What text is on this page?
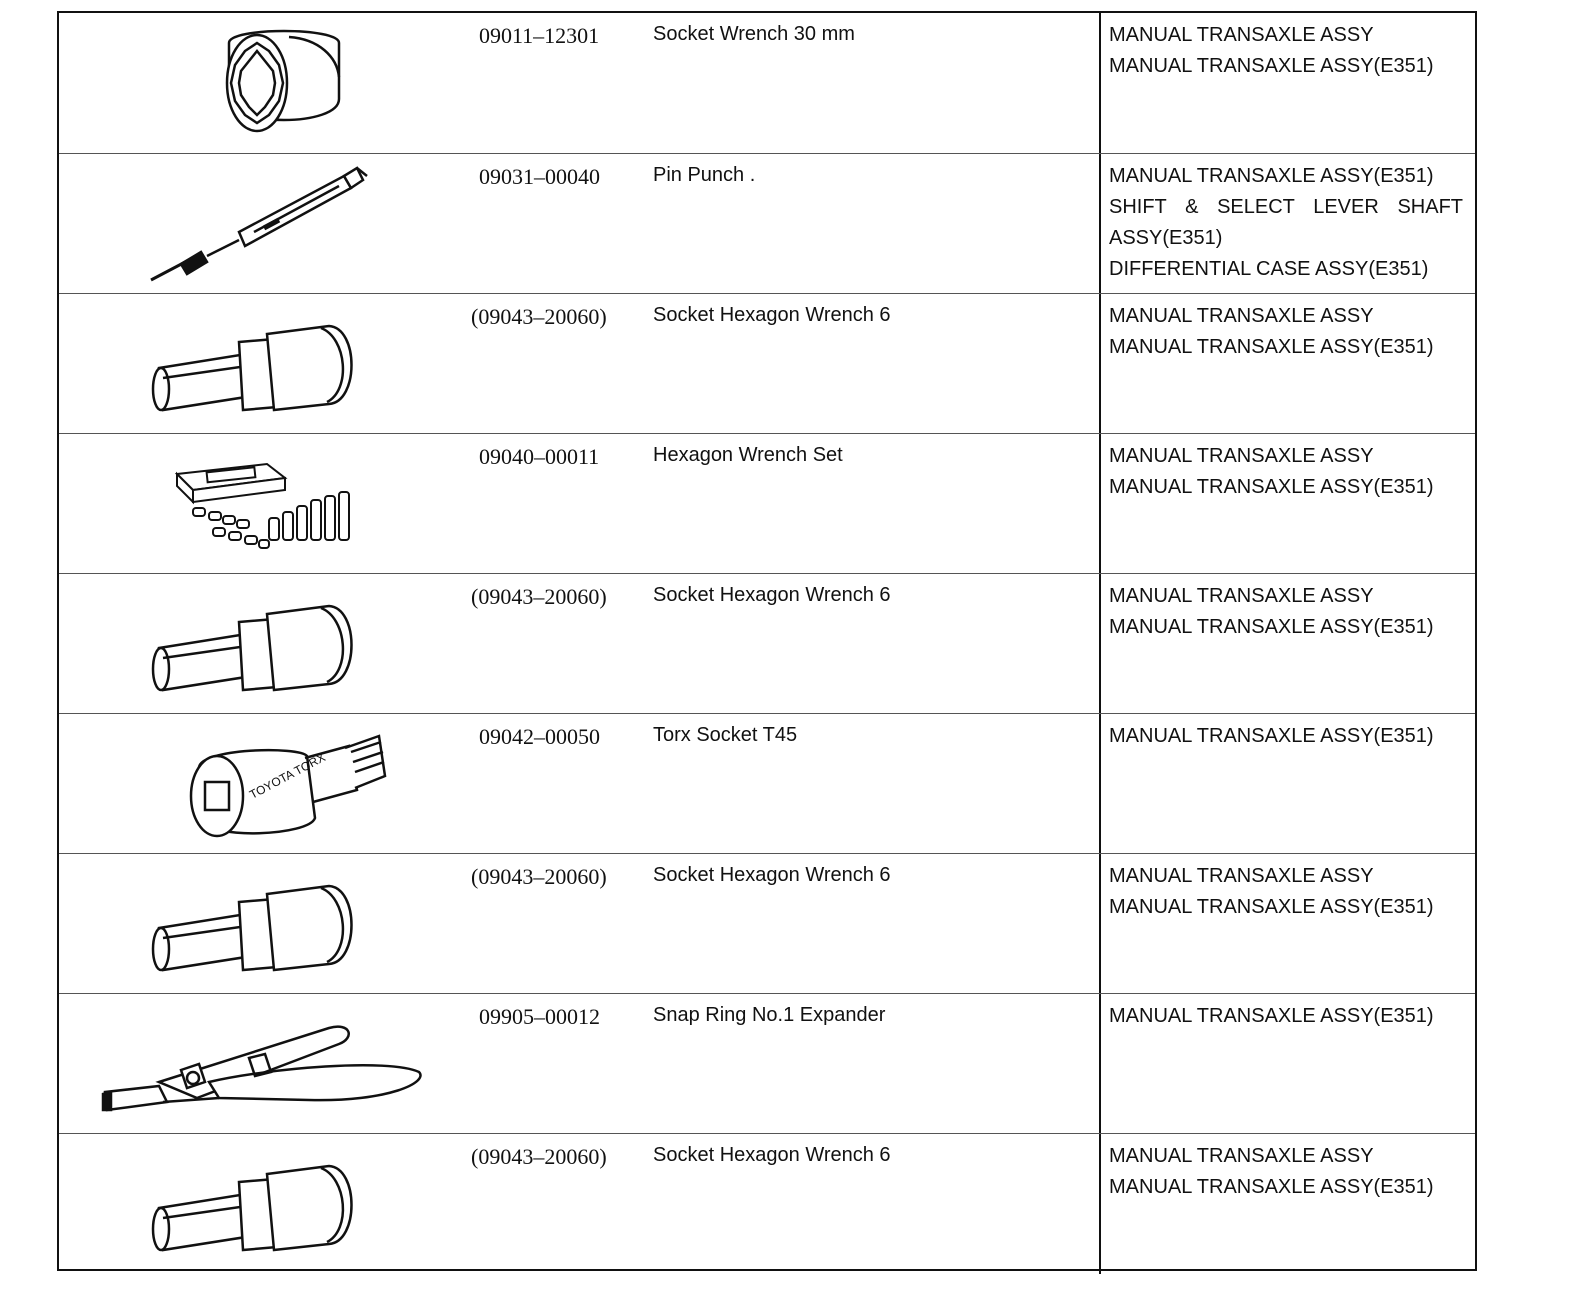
09011–12301	Socket Wrench 30 mm	MANUAL TRANSAXLE ASSY
MANUAL TRANSAXLE ASSY(E351)
09031–00040	Pin Punch .	MANUAL TRANSAXLE ASSY(E351)
SHIFT & SELECT LEVER SHAFT
ASSY(E351)
DIFFERENTIAL CASE ASSY(E351)
(09043–20060) Socket Hexagon Wrench 6	MANUAL TRANSAXLE ASSY
MANUAL TRANSAXLE ASSY(E351)
09040–00011	Hexagon Wrench Set	MANUAL TRANSAXLE ASSY
MANUAL TRANSAXLE ASSY(E351)
(09043–20060) Socket Hexagon Wrench 6	MANUAL TRANSAXLE ASSY
MANUAL TRANSAXLE ASSY(E351)
TOYOTA TORX
09042–00050	Torx Socket T45	MANUAL TRANSAXLE ASSY(E351)
(09043–20060) Socket Hexagon Wrench 6	MANUAL TRANSAXLE ASSY
MANUAL TRANSAXLE ASSY(E351)
09905–00012	Snap Ring No.1 Expander	MANUAL TRANSAXLE ASSY(E351)
(09043–20060) Socket Hexagon Wrench 6	MANUAL TRANSAXLE ASSY
MANUAL TRANSAXLE ASSY(E351)
